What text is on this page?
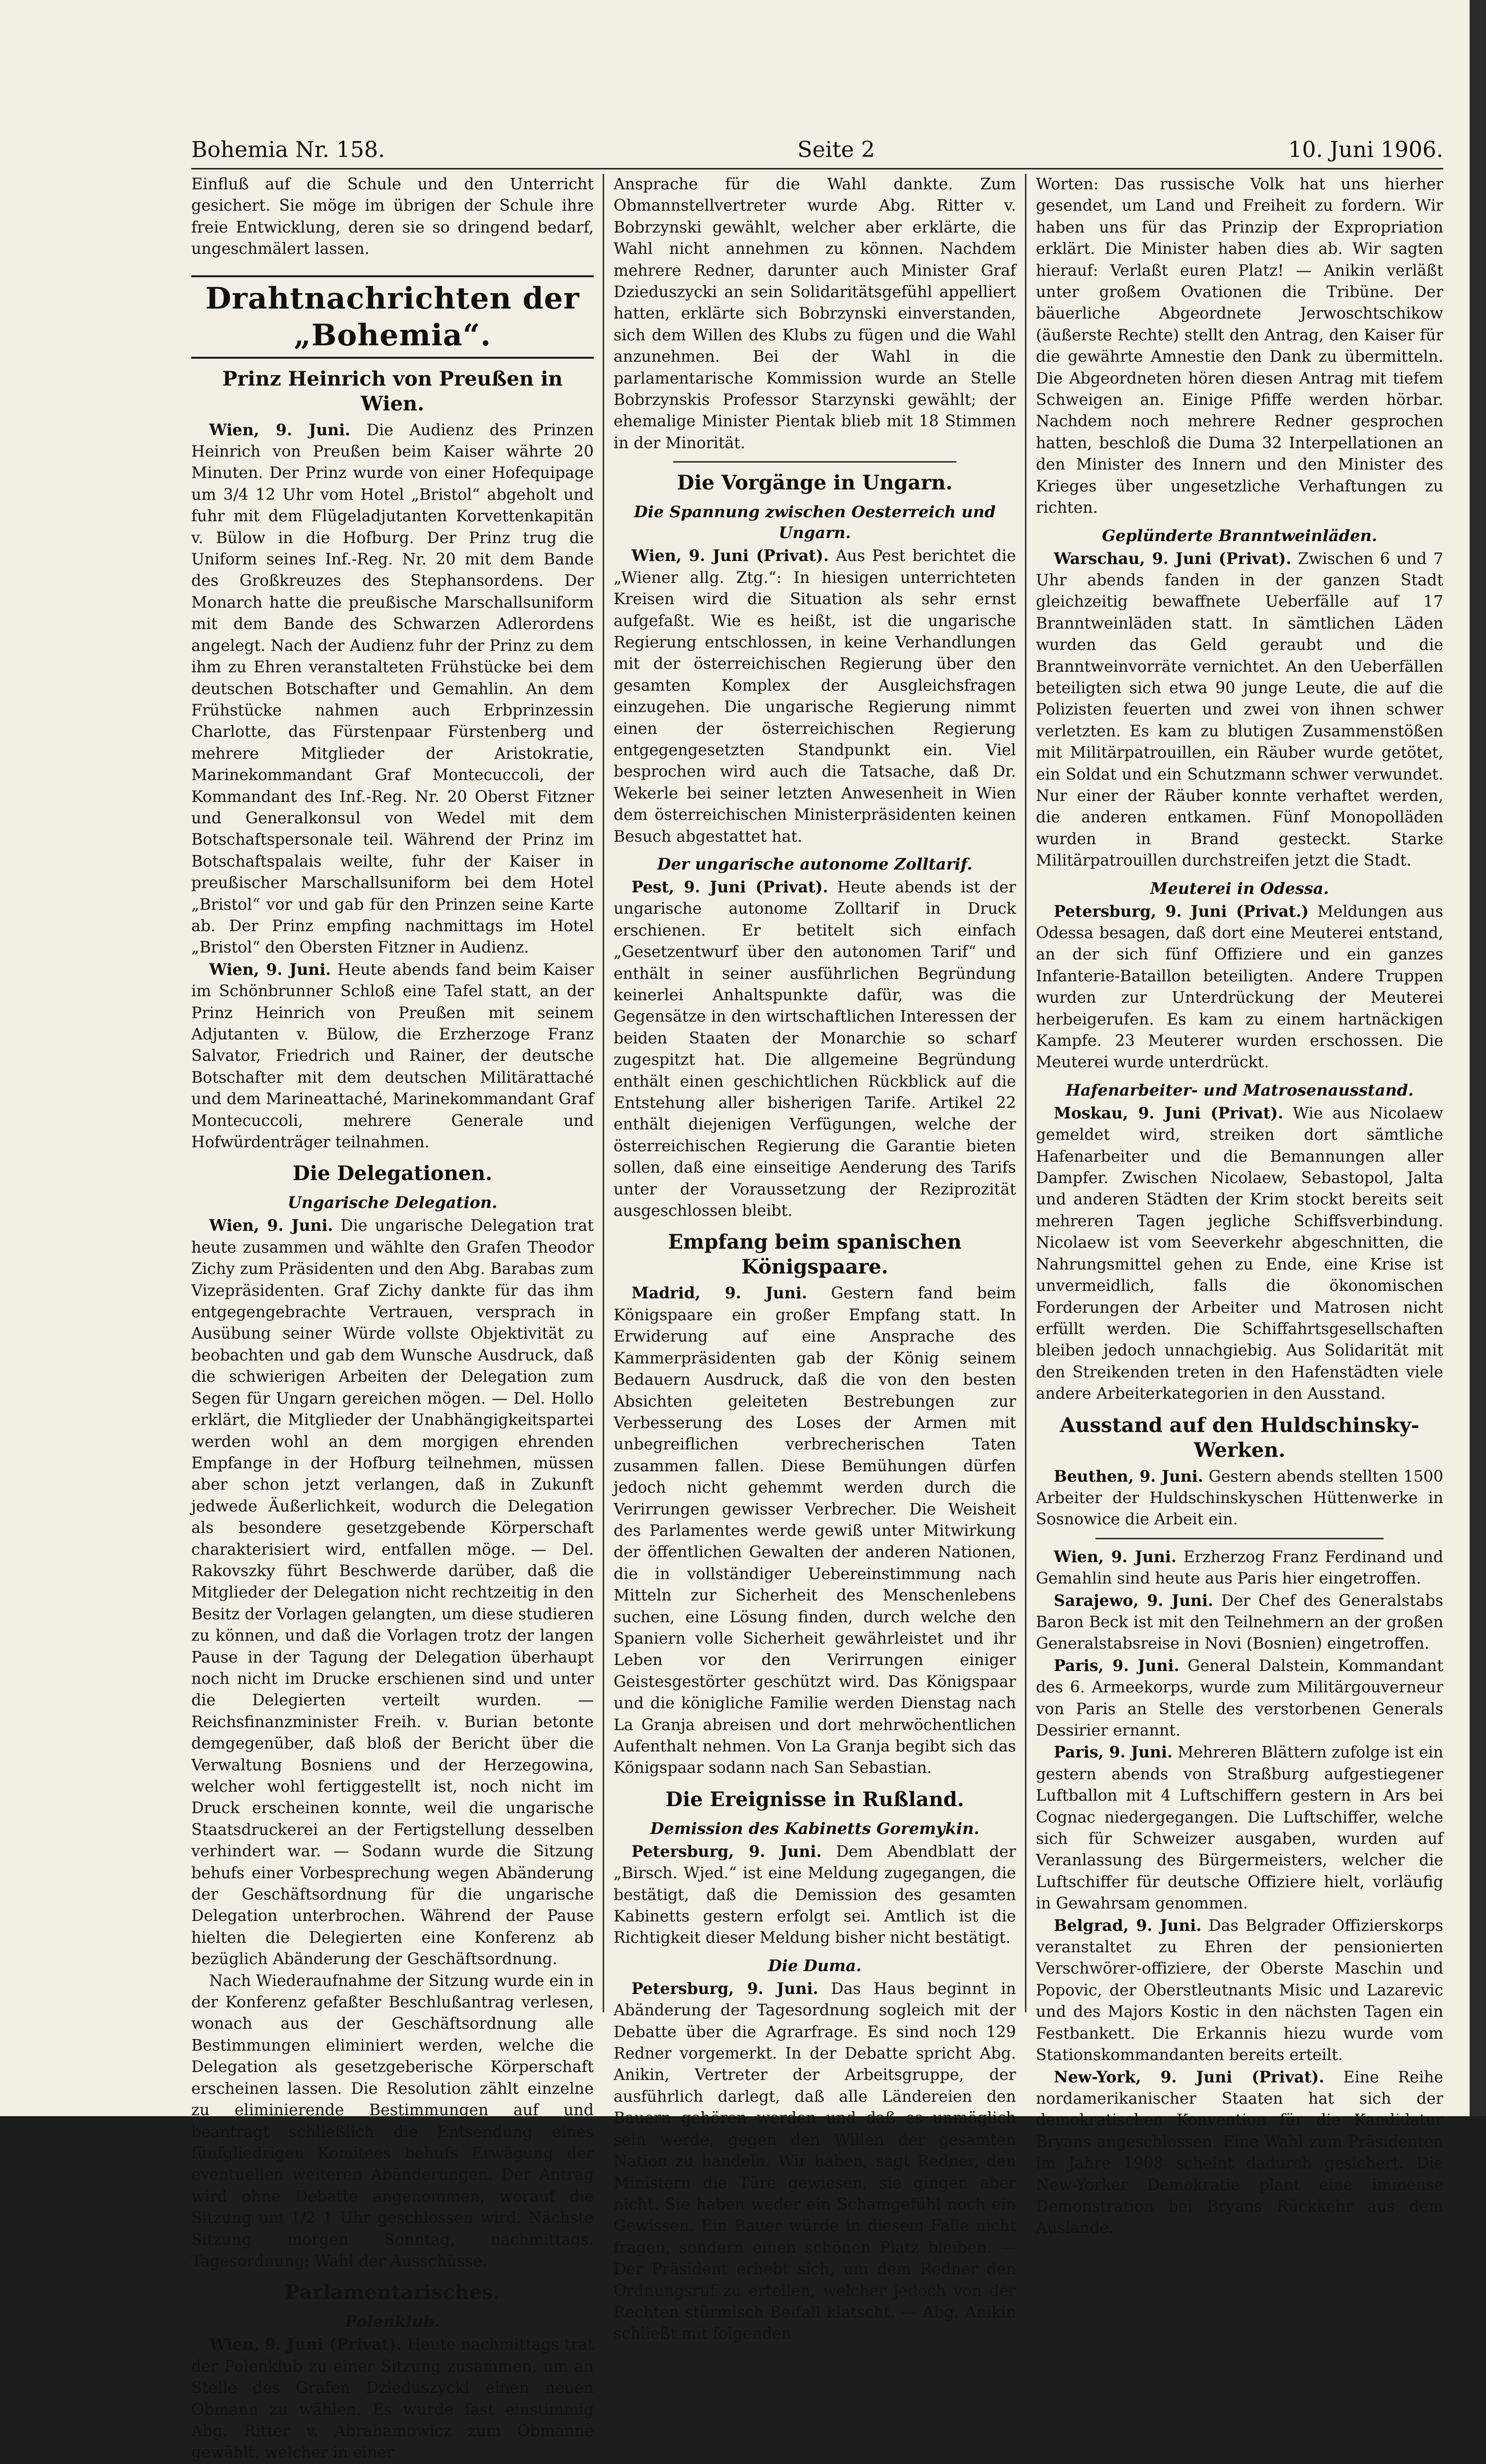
Bohemia Nr. 158.	Seite 2	10. Juni 1906.

Einfluß auf die Schule und den Unterricht gesichert. Sie möge im übrigen der Schule ihre freie Entwicklung, deren sie so dringend bedarf, ungeschmälert lassen.

Drahtnachrichten der „Bohemia“.
Prinz Heinrich von Preußen in Wien.

Wien, 9. Juni. Die Audienz des Prinzen Heinrich von Preußen beim Kaiser währte 20 Minuten. Der Prinz wurde von einer Hofequipage um 3/4 12 Uhr vom Hotel „Bristol“ abgeholt und fuhr mit dem Flügeladjutanten Korvettenkapitän v. Bülow in die Hofburg. Der Prinz trug die Uniform seines Inf.-Reg. Nr. 20 mit dem Bande des Großkreuzes des Stephansordens. Der Monarch hatte die preußische Marschallsuniform mit dem Bande des Schwarzen Adlerordens angelegt. Nach der Audienz fuhr der Prinz zu dem ihm zu Ehren veranstalteten Frühstücke bei dem deutschen Botschafter und Gemahlin. An dem Frühstücke nahmen auch Erbprinzessin Charlotte, das Fürstenpaar Fürstenberg und mehrere Mitglieder der Aristokratie, Marinekommandant Graf Montecuccoli, der Kommandant des Inf.-Reg. Nr. 20 Oberst Fitzner und Generalkonsul von Wedel mit dem Botschaftspersonale teil. Während der Prinz im Botschaftspalais weilte, fuhr der Kaiser in preußischer Marschallsuniform bei dem Hotel „Bristol“ vor und gab für den Prinzen seine Karte ab. Der Prinz empfing nachmittags im Hotel „Bristol“ den Obersten Fitzner in Audienz.

Wien, 9. Juni. Heute abends fand beim Kaiser im Schönbrunner Schloß eine Tafel statt, an der Prinz Heinrich von Preußen mit seinem Adjutanten v. Bülow, die Erzherzoge Franz Salvator, Friedrich und Rainer, der deutsche Botschafter mit dem deutschen Militärattaché und dem Marineattaché, Marinekommandant Graf Montecuccoli, mehrere Generale und Hofwürdenträger teilnahmen.

Die Delegationen.
Ungarische Delegation.

Wien, 9. Juni. Die ungarische Delegation trat heute zusammen und wählte den Grafen Theodor Zichy zum Präsidenten und den Abg. Barabas zum Vizepräsidenten. Graf Zichy dankte für das ihm entgegengebrachte Vertrauen, versprach in Ausübung seiner Würde vollste Objektivität zu beobachten und gab dem Wunsche Ausdruck, daß die schwierigen Arbeiten der Delegation zum Segen für Ungarn gereichen mögen. — Del. Hollo erklärt, die Mitglieder der Unabhängigkeitspartei werden wohl an dem morgigen ehrenden Empfange in der Hofburg teilnehmen, müssen aber schon jetzt verlangen, daß in Zukunft jedwede Äußerlichkeit, wodurch die Delegation als besondere gesetzgebende Körperschaft charakterisiert wird, entfallen möge. — Del. Rakovszky führt Beschwerde darüber, daß die Mitglieder der Delegation nicht rechtzeitig in den Besitz der Vorlagen gelangten, um diese studieren zu können, und daß die Vorlagen trotz der langen Pause in der Tagung der Delegation überhaupt noch nicht im Drucke erschienen sind und unter die Delegierten verteilt wurden. — Reichsfinanzminister Freih. v. Burian betonte demgegenüber, daß bloß der Bericht über die Verwaltung Bosniens und der Herzegowina, welcher wohl fertiggestellt ist, noch nicht im Druck erscheinen konnte, weil die ungarische Staatsdruckerei an der Fertigstellung desselben verhindert war. — Sodann wurde die Sitzung behufs einer Vorbesprechung wegen Abänderung der Geschäftsordnung für die ungarische Delegation unterbrochen. Während der Pause hielten die Delegierten eine Konferenz ab bezüglich Abänderung der Geschäftsordnung.

Nach Wiederaufnahme der Sitzung wurde ein in der Konferenz gefaßter Beschlußantrag verlesen, wonach aus der Geschäftsordnung alle Bestimmungen eliminiert werden, welche die Delegation als gesetzgeberische Körperschaft erscheinen lassen. Die Resolution zählt einzelne zu eliminierende Bestimmungen auf und beantragt schließlich die Entsendung eines fünfgliedrigen Komitees behufs Erwägung der eventuellen weiteren Abänderungen. Der Antrag wird ohne Debatte angenommen, worauf die Sitzung um 1/2 1 Uhr geschlossen wird. Nächste Sitzung morgen Sonntag, nachmittags. Tagesordnung: Wahl der Ausschüsse.

Parlamentarisches.
Polenklub.

Wien, 9. Juni (Privat). Heute nachmittags trat der Polenklub zu einer Sitzung zusammen, um an Stelle des Grafen Dzieduszycki einen neuen Obmann zu wählen. Es wurde fast einstimmig Abg. Ritter v. Abrahamowicz zum Obmanne gewählt, welcher in einer

Ansprache für die Wahl dankte. Zum Obmannstellvertreter wurde Abg. Ritter v. Bobrzynski gewählt, welcher aber erklärte, die Wahl nicht annehmen zu können. Nachdem mehrere Redner, darunter auch Minister Graf Dzieduszycki an sein Solidaritätsgefühl appelliert hatten, erklärte sich Bobrzynski einverstanden, sich dem Willen des Klubs zu fügen und die Wahl anzunehmen. Bei der Wahl in die parlamentarische Kommission wurde an Stelle Bobrzynskis Professor Starzynski gewählt; der ehemalige Minister Pientak blieb mit 18 Stimmen in der Minorität.

Die Vorgänge in Ungarn.
Die Spannung zwischen Oesterreich und Ungarn.

Wien, 9. Juni (Privat). Aus Pest berichtet die „Wiener allg. Ztg.“: In hiesigen unterrichteten Kreisen wird die Situation als sehr ernst aufgefaßt. Wie es heißt, ist die ungarische Regierung entschlossen, in keine Verhandlungen mit der österreichischen Regierung über den gesamten Komplex der Ausgleichsfragen einzugehen. Die ungarische Regierung nimmt einen der österreichischen Regierung entgegengesetzten Standpunkt ein. Viel besprochen wird auch die Tatsache, daß Dr. Wekerle bei seiner letzten Anwesenheit in Wien dem österreichischen Ministerpräsidenten keinen Besuch abgestattet hat.

Der ungarische autonome Zolltarif.

Pest, 9. Juni (Privat). Heute abends ist der ungarische autonome Zolltarif in Druck erschienen. Er betitelt sich einfach „Gesetzentwurf über den autonomen Tarif“ und enthält in seiner ausführlichen Begründung keinerlei Anhaltspunkte dafür, was die Gegensätze in den wirtschaftlichen Interessen der beiden Staaten der Monarchie so scharf zugespitzt hat. Die allgemeine Begründung enthält einen geschichtlichen Rückblick auf die Entstehung aller bisherigen Tarife. Artikel 22 enthält diejenigen Verfügungen, welche der österreichischen Regierung die Garantie bieten sollen, daß eine einseitige Aenderung des Tarifs unter der Voraussetzung der Reziprozität ausgeschlossen bleibt.

Empfang beim spanischen Königspaare.

Madrid, 9. Juni. Gestern fand beim Königspaare ein großer Empfang statt. In Erwiderung auf eine Ansprache des Kammerpräsidenten gab der König seinem Bedauern Ausdruck, daß die von den besten Absichten geleiteten Bestrebungen zur Verbesserung des Loses der Armen mit unbegreiflichen verbrecherischen Taten zusammen fallen. Diese Bemühungen dürfen jedoch nicht gehemmt werden durch die Verirrungen gewisser Verbrecher. Die Weisheit des Parlamentes werde gewiß unter Mitwirkung der öffentlichen Gewalten der anderen Nationen, die in vollständiger Uebereinstimmung nach Mitteln zur Sicherheit des Menschenlebens suchen, eine Lösung finden, durch welche den Spaniern volle Sicherheit gewährleistet und ihr Leben vor den Verirrungen einiger Geistesgestörter geschützt wird. Das Königspaar und die königliche Familie werden Dienstag nach La Granja abreisen und dort mehrwöchentlichen Aufenthalt nehmen. Von La Granja begibt sich das Königspaar sodann nach San Sebastian.

Die Ereignisse in Rußland.
Demission des Kabinetts Goremykin.

Petersburg, 9. Juni. Dem Abendblatt der „Birsch. Wjed.“ ist eine Meldung zugegangen, die bestätigt, daß die Demission des gesamten Kabinetts gestern erfolgt sei. Amtlich ist die Richtigkeit dieser Meldung bisher nicht bestätigt.

Die Duma.

Petersburg, 9. Juni. Das Haus beginnt in Abänderung der Tagesordnung sogleich mit der Debatte über die Agrarfrage. Es sind noch 129 Redner vorgemerkt. In der Debatte spricht Abg. Anikin, Vertreter der Arbeitsgruppe, der ausführlich darlegt, daß alle Ländereien den Bauern gehören werden und daß es unmöglich sein werde, gegen den Willen der gesamten Nation zu handeln. Wir haben, sagt Redner, den Ministern die Türe gewiesen, sie gingen aber nicht. Sie haben weder ein Schamgefühl noch ein Gewissen. Ein Bauer würde in diesem Falle nicht fragen, sondern einen schönen Platz bleiben. — Der Präsident erhebt sich, um dem Redner den Ordnungsruf zu erteilen, welcher jedoch von der Rechten stürmisch Beifall klatscht. — Abg. Anikin schließt mit folgenden

Worten: Das russische Volk hat uns hierher gesendet, um Land und Freiheit zu fordern. Wir haben uns für das Prinzip der Expropriation erklärt. Die Minister haben dies ab. Wir sagten hierauf: Verlaßt euren Platz! — Anikin verläßt unter großem Ovationen die Tribüne. Der bäuerliche Abgeordnete Jerwoschtschikow (äußerste Rechte) stellt den Antrag, den Kaiser für die gewährte Amnestie den Dank zu übermitteln. Die Abgeordneten hören diesen Antrag mit tiefem Schweigen an. Einige Pfiffe werden hörbar. Nachdem noch mehrere Redner gesprochen hatten, beschloß die Duma 32 Interpellationen an den Minister des Innern und den Minister des Krieges über ungesetzliche Verhaftungen zu richten.

Geplünderte Branntweinläden.

Warschau, 9. Juni (Privat). Zwischen 6 und 7 Uhr abends fanden in der ganzen Stadt gleichzeitig bewaffnete Ueberfälle auf 17 Branntweinläden statt. In sämtlichen Läden wurden das Geld geraubt und die Branntweinvorräte vernichtet. An den Ueberfällen beteiligten sich etwa 90 junge Leute, die auf die Polizisten feuerten und zwei von ihnen schwer verletzten. Es kam zu blutigen Zusammenstößen mit Militärpatrouillen, ein Räuber wurde getötet, ein Soldat und ein Schutzmann schwer verwundet. Nur einer der Räuber konnte verhaftet werden, die anderen entkamen. Fünf Monopolläden wurden in Brand gesteckt. Starke Militärpatrouillen durchstreifen jetzt die Stadt.

Meuterei in Odessa.

Petersburg, 9. Juni (Privat.) Meldungen aus Odessa besagen, daß dort eine Meuterei entstand, an der sich fünf Offiziere und ein ganzes Infanterie-Bataillon beteiligten. Andere Truppen wurden zur Unterdrückung der Meuterei herbeigerufen. Es kam zu einem hartnäckigen Kampfe. 23 Meuterer wurden erschossen. Die Meuterei wurde unterdrückt.

Hafenarbeiter- und Matrosenausstand.

Moskau, 9. Juni (Privat). Wie aus Nicolaew gemeldet wird, streiken dort sämtliche Hafenarbeiter und die Bemannungen aller Dampfer. Zwischen Nicolaew, Sebastopol, Jalta und anderen Städten der Krim stockt bereits seit mehreren Tagen jegliche Schiffsverbindung. Nicolaew ist vom Seeverkehr abgeschnitten, die Nahrungsmittel gehen zu Ende, eine Krise ist unvermeidlich, falls die ökonomischen Forderungen der Arbeiter und Matrosen nicht erfüllt werden. Die Schiffahrtsgesellschaften bleiben jedoch unnachgiebig. Aus Solidarität mit den Streikenden treten in den Hafenstädten viele andere Arbeiterkategorien in den Ausstand.

Ausstand auf den Huldschinsky-Werken.

Beuthen, 9. Juni. Gestern abends stellten 1500 Arbeiter der Huldschinskyschen Hüttenwerke in Sosnowice die Arbeit ein.

Wien, 9. Juni. Erzherzog Franz Ferdinand und Gemahlin sind heute aus Paris hier eingetroffen.

Sarajewo, 9. Juni. Der Chef des Generalstabs Baron Beck ist mit den Teilnehmern an der großen Generalstabsreise in Novi (Bosnien) eingetroffen.

Paris, 9. Juni. General Dalstein, Kommandant des 6. Armeekorps, wurde zum Militärgouverneur von Paris an Stelle des verstorbenen Generals Dessirier ernannt.

Paris, 9. Juni. Mehreren Blättern zufolge ist ein gestern abends von Straßburg aufgestiegener Luftballon mit 4 Luftschiffern gestern in Ars bei Cognac niedergegangen. Die Luftschiffer, welche sich für Schweizer ausgaben, wurden auf Veranlassung des Bürgermeisters, welcher die Luftschiffer für deutsche Offiziere hielt, vorläufig in Gewahrsam genommen.

Belgrad, 9. Juni. Das Belgrader Offizierskorps veranstaltet zu Ehren der pensionierten Verschwörer-offiziere, der Oberste Maschin und Popovic, der Oberstleutnants Misic und Lazarevic und des Majors Kostic in den nächsten Tagen ein Festbankett. Die Erkannis hiezu wurde vom Stationskommandanten bereits erteilt.

New-York, 9. Juni (Privat). Eine Reihe nordamerikanischer Staaten hat sich der demokratischen Konvention für die Kandidatur Bryans angeschlossen. Eine Wahl zum Präsidenten im Jahre 1908 scheint dadurch gesichert. Die New-Yorker Demokratie plant eine immense Demonstration bei Bryans Rückkehr aus dem Auslande.
